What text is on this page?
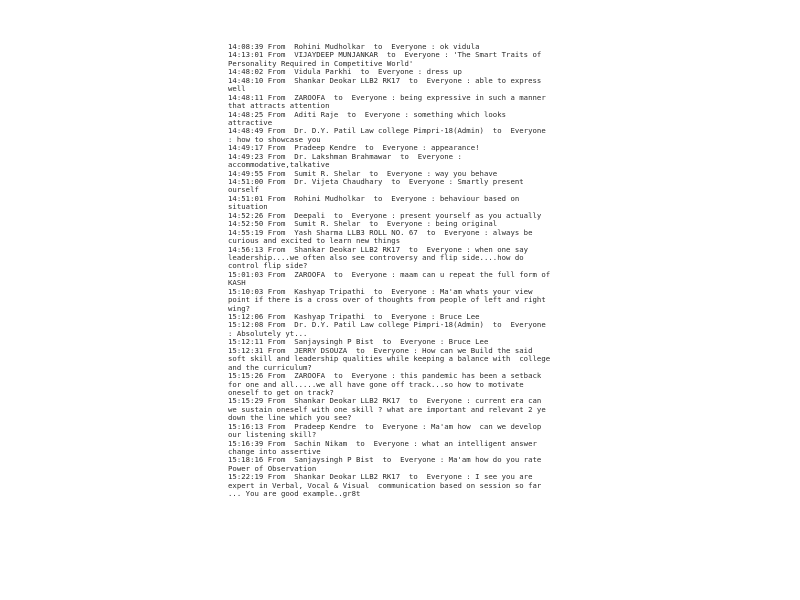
14:08:39 From  Rohini Mudholkar  to  Everyone : ok vidula
14:13:01 From  VIJAYDEEP MUNJANKAR  to  Everyone : 'The Smart Traits of
Personality Required in Competitive World'
14:48:02 From  Vidula Parkhi  to  Everyone : dress up
14:48:10 From  Shankar Deokar LLB2 RK17  to  Everyone : able to express
well
14:48:11 From  ZAROOFA  to  Everyone : being expressive in such a manner
that attracts attention
14:48:25 From  Aditi Raje  to  Everyone : something which looks
attractive
14:48:49 From  Dr. D.Y. Patil Law college Pimpri-18(Admin)  to  Everyone
: how to showcase you
14:49:17 From  Pradeep Kendre  to  Everyone : appearance!
14:49:23 From  Dr. Lakshman Brahmawar  to  Everyone :
accommodative,talkative
14:49:55 From  Sumit R. Shelar  to  Everyone : way you behave
14:51:00 From  Dr. Vijeta Chaudhary  to  Everyone : Smartly present
ourself
14:51:01 From  Rohini Mudholkar  to  Everyone : behaviour based on
situation
14:52:26 From  Deepali  to  Everyone : present yourself as you actually
14:52:50 From  Sumit R. Shelar  to  Everyone : being original
14:55:19 From  Yash Sharma LLB3 ROLL NO. 67  to  Everyone : always be
curious and excited to learn new things
14:56:13 From  Shankar Deokar LLB2 RK17  to  Everyone : when one say
leadership....we often also see controversy and flip side....how do
control flip side?
15:01:03 From  ZAROOFA  to  Everyone : maam can u repeat the full form of
KASH
15:10:03 From  Kashyap Tripathi  to  Everyone : Ma'am whats your view
point if there is a cross over of thoughts from people of left and right
wing?
15:12:06 From  Kashyap Tripathi  to  Everyone : Bruce Lee
15:12:08 From  Dr. D.Y. Patil Law college Pimpri-18(Admin)  to  Everyone
: Absolutely yt...
15:12:11 From  Sanjaysingh P Bist  to  Everyone : Bruce Lee
15:12:31 From  JERRY DSOUZA  to  Everyone : How can we Build the said
soft skill and leadership qualities while keeping a balance with  college
and the curriculum?
15:15:26 From  ZAROOFA  to  Everyone : this pandemic has been a setback
for one and all.....we all have gone off track...so how to motivate
oneself to get on track?
15:15:29 From  Shankar Deokar LLB2 RK17  to  Everyone : current era can
we sustain oneself with one skill ? what are important and relevant 2 ye
down the line which you see?
15:16:13 From  Pradeep Kendre  to  Everyone : Ma'am how  can we develop
our listening skill?
15:16:39 From  Sachin Nikam  to  Everyone : what an intelligent answer
change into assertive
15:18:16 From  Sanjaysingh P Bist  to  Everyone : Ma'am how do you rate
Power of Observation
15:22:19 From  Shankar Deokar LLB2 RK17  to  Everyone : I see you are
expert in Verbal, Vocal & Visual  communication based on session so far
... You are good example..gr8t
